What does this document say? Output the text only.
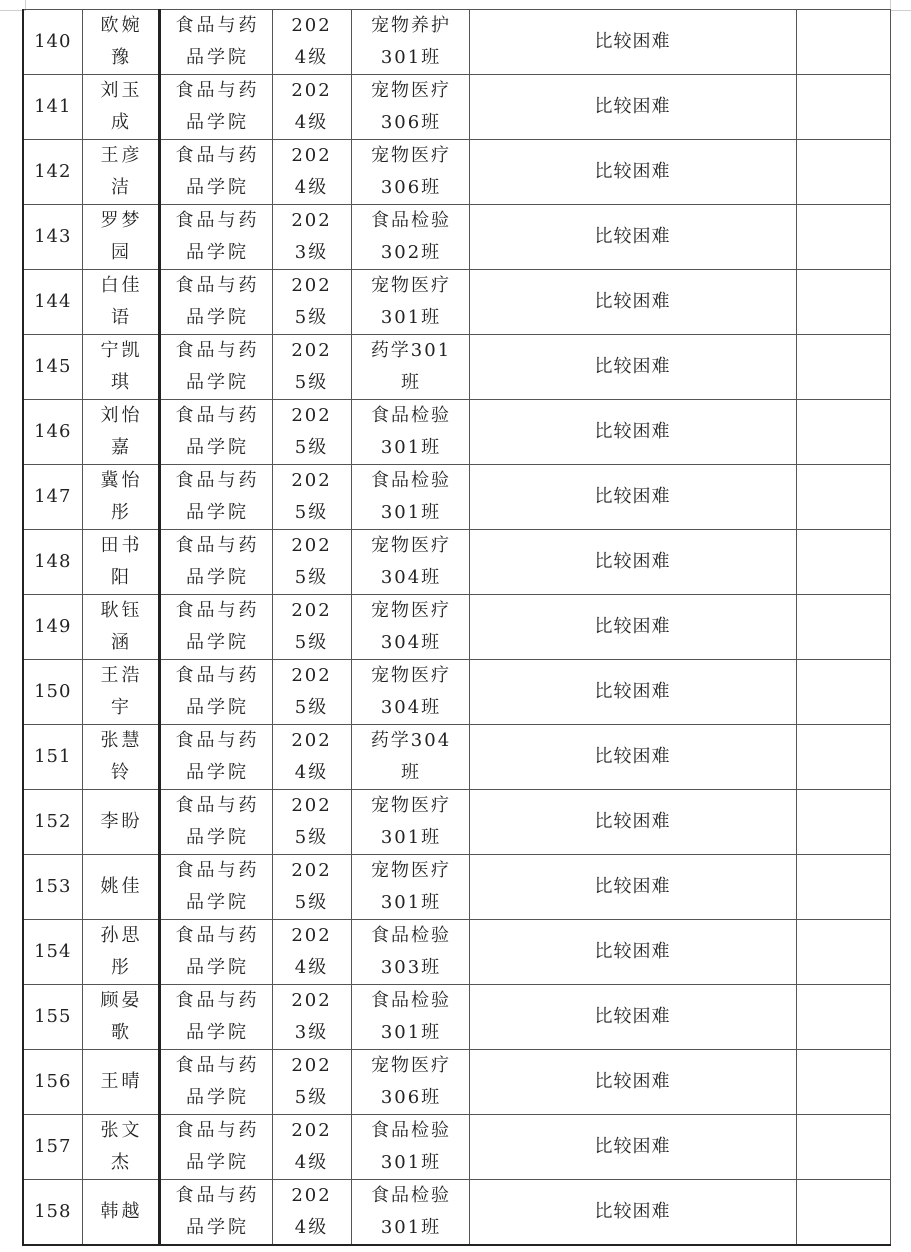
140	欧婉豫	食品与药品学院	2024级	宠物养护301班	比较困难	

141	刘玉成	食品与药品学院	2024级	宠物医疗306班	比较困难	

142	王彦洁	食品与药品学院	2024级	宠物医疗306班	比较困难	

143	罗梦园	食品与药品学院	2023级	食品检验302班	比较困难	

144	白佳语	食品与药品学院	2025级	宠物医疗301班	比较困难	

145	宁凯琪	食品与药品学院	2025级	药学301班	比较困难	

146	刘怡嘉	食品与药品学院	2025级	食品检验301班	比较困难	

147	冀怡彤	食品与药品学院	2025级	食品检验301班	比较困难	

148	田书阳	食品与药品学院	2025级	宠物医疗304班	比较困难	

149	耿钰涵	食品与药品学院	2025级	宠物医疗304班	比较困难	

150	王浩宇	食品与药品学院	2025级	宠物医疗304班	比较困难	

151	张慧铃	食品与药品学院	2024级	药学304班	比较困难	

152	李盼	食品与药品学院	2025级	宠物医疗301班	比较困难	

153	姚佳	食品与药品学院	2025级	宠物医疗301班	比较困难	

154	孙思彤	食品与药品学院	2024级	食品检验303班	比较困难	

155	顾晏歌	食品与药品学院	2023级	食品检验301班	比较困难	

156	王晴	食品与药品学院	2025级	宠物医疗306班	比较困难	

157	张文杰	食品与药品学院	2024级	食品检验301班	比较困难	

158	韩越	食品与药品学院	2024级	食品检验301班	比较困难	
